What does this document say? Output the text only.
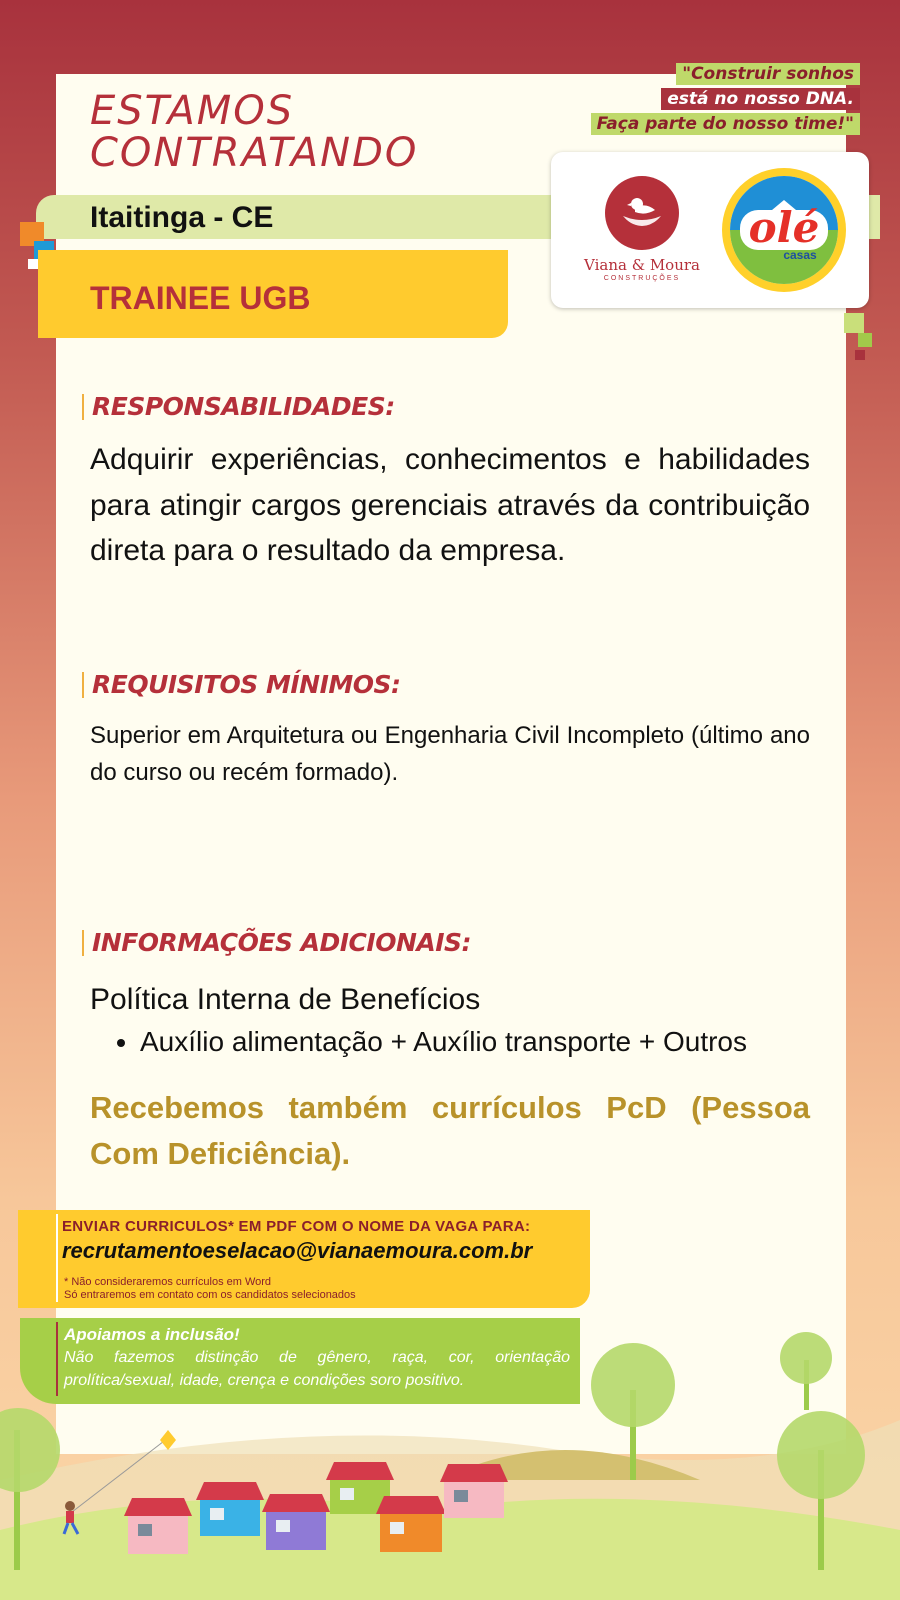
ESTAMOS
CONTRATANDO
"Construir sonhos
está no nosso DNA.
Faça parte do nosso time!"
Itaitinga - CE
TRAINEE UGB
Viana & Moura
CONSTRUÇÕES
olé
casas
RESPONSABILIDADES:

Adquirir experiências, conhecimentos e habilidades para atingir cargos gerenciais através da contribuição direta para o resultado da empresa.

REQUISITOS MÍNIMOS:

Superior em Arquitetura ou Engenharia Civil Incompleto (último ano do curso ou recém formado).

INFORMAÇÕES ADICIONAIS:
Política Interna de Benefícios
• Auxílio alimentação + Auxílio transporte + Outros

Recebemos também currículos PcD (Pessoa Com Deficiência).

ENVIAR CURRICULOS* EM PDF COM O NOME DA VAGA PARA:
recrutamentoeselacao@vianaemoura.com.br
* Não consideraremos currículos em Word
Só entraremos em contato com os candidatos selecionados
Apoiamos a inclusão!

Não fazemos distinção de gênero, raça, cor, orientação prolítica/sexual, idade, crença e condições soro positivo.
